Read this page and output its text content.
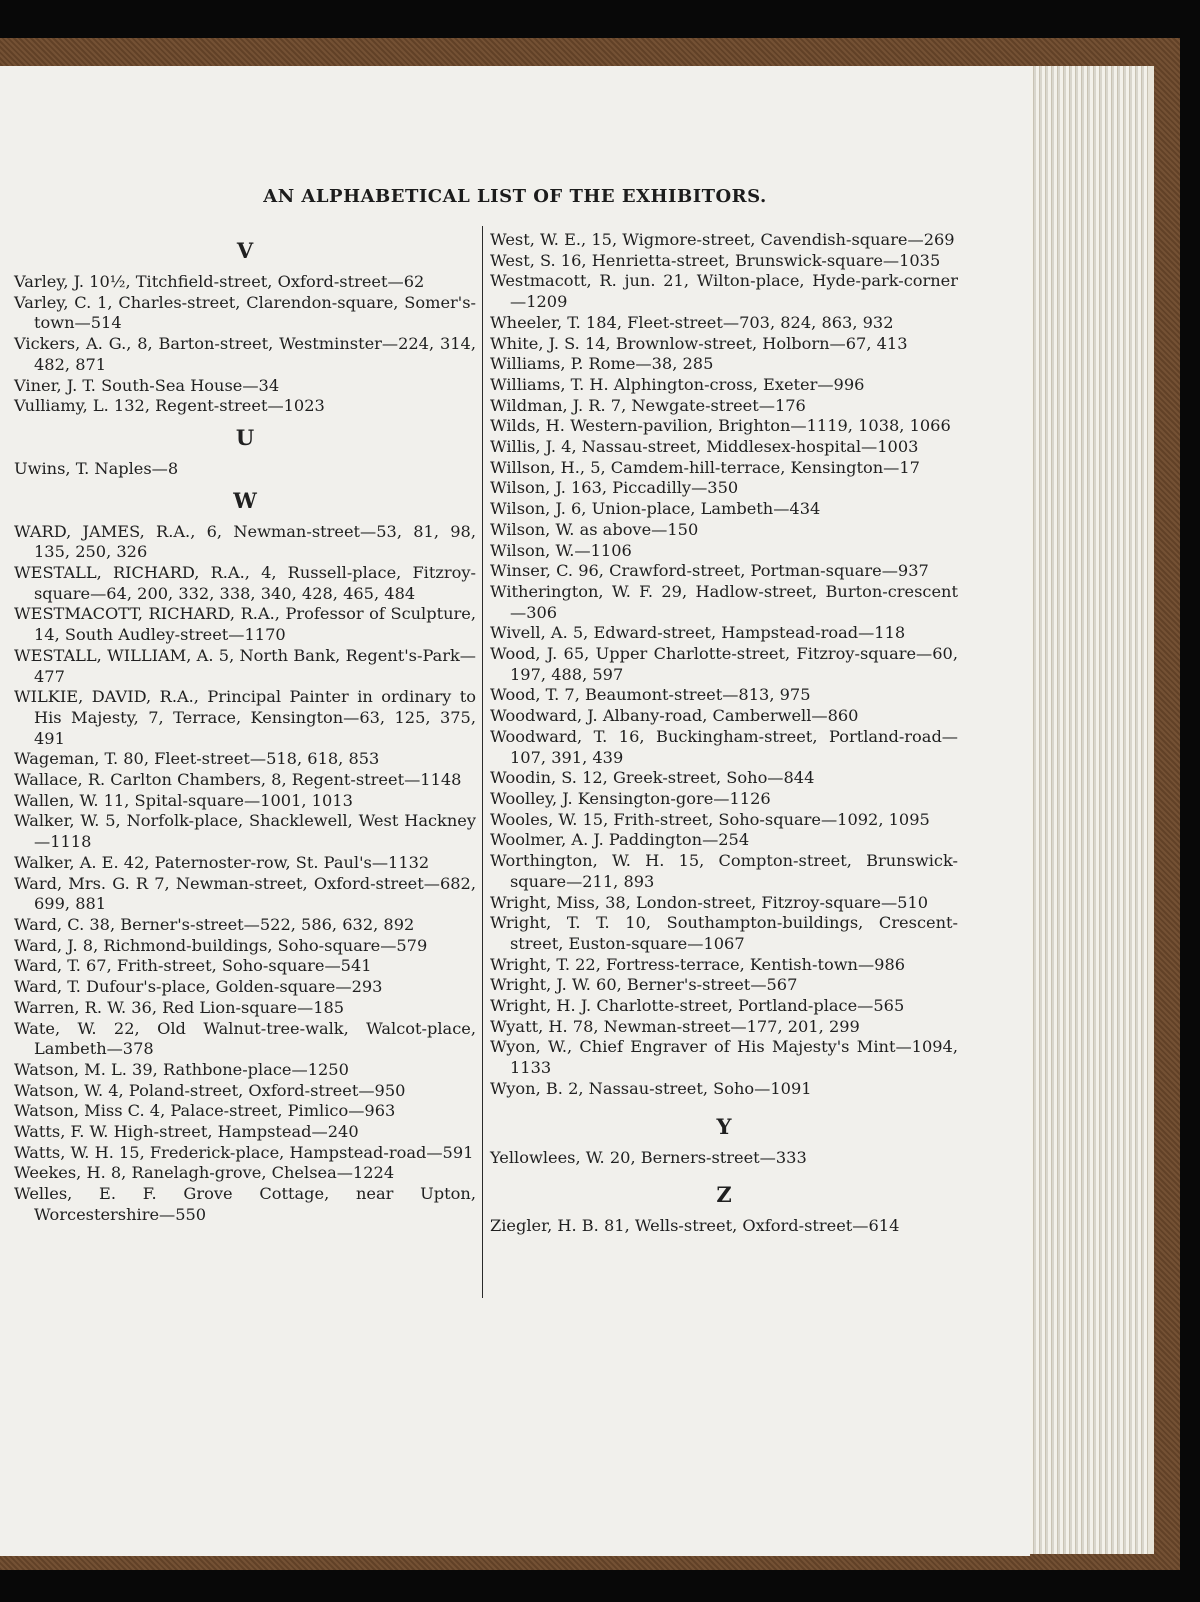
AN ALPHABETICAL LIST OF THE EXHIBITORS.
V
Varley, J. 10½, Titchfield-street, Oxford-street—62
Varley, C. 1, Charles-street, Clarendon-square, Somer's-town—514
Vickers, A. G., 8, Barton-street, Westminster—224, 314, 482, 871
Viner, J. T. South-Sea House—34
Vulliamy, L. 132, Regent-street—1023
U
Uwins, T. Naples—8
W
WARD, JAMES, R.A., 6, Newman-street—53, 81, 98, 135, 250, 326
WESTALL, RICHARD, R.A., 4, Russell-place, Fitzroy-square—64, 200, 332, 338, 340, 428, 465, 484
WESTMACOTT, RICHARD, R.A., Professor of Sculpture, 14, South Audley-street—1170
WESTALL, WILLIAM, A. 5, North Bank, Regent's-Park—477
WILKIE, DAVID, R.A., Principal Painter in ordinary to His Majesty, 7, Terrace, Kensington—63, 125, 375, 491
Wageman, T. 80, Fleet-street—518, 618, 853
Wallace, R. Carlton Chambers, 8, Regent-street—1148
Wallen, W. 11, Spital-square—1001, 1013
Walker, W. 5, Norfolk-place, Shacklewell, West Hackney—1118
Walker, A. E. 42, Paternoster-row, St. Paul's—1132
Ward, Mrs. G. R 7, Newman-street, Oxford-street—682, 699, 881
Ward, C. 38, Berner's-street—522, 586, 632, 892
Ward, J. 8, Richmond-buildings, Soho-square—579
Ward, T. 67, Frith-street, Soho-square—541
Ward, T. Dufour's-place, Golden-square—293
Warren, R. W. 36, Red Lion-square—185
Wate, W. 22, Old Walnut-tree-walk, Walcot-place, Lambeth—378
Watson, M. L. 39, Rathbone-place—1250
Watson, W. 4, Poland-street, Oxford-street—950
Watson, Miss C. 4, Palace-street, Pimlico—963
Watts, F. W. High-street, Hampstead—240
Watts, W. H. 15, Frederick-place, Hampstead-road—591
Weekes, H. 8, Ranelagh-grove, Chelsea—1224
Welles, E. F. Grove Cottage, near Upton, Worcestershire—550
West, W. E., 15, Wigmore-street, Cavendish-square—269
West, S. 16, Henrietta-street, Brunswick-square—1035
Westmacott, R. jun. 21, Wilton-place, Hyde-park-corner—1209
Wheeler, T. 184, Fleet-street—703, 824, 863, 932
White, J. S. 14, Brownlow-street, Holborn—67, 413
Williams, P. Rome—38, 285
Williams, T. H. Alphington-cross, Exeter—996
Wildman, J. R. 7, Newgate-street—176
Wilds, H. Western-pavilion, Brighton—1119, 1038, 1066
Willis, J. 4, Nassau-street, Middlesex-hospital—1003
Willson, H., 5, Camdem-hill-terrace, Kensington—17
Wilson, J. 163, Piccadilly—350
Wilson, J. 6, Union-place, Lambeth—434
Wilson, W. as above—150
Wilson, W.—1106
Winser, C. 96, Crawford-street, Portman-square—937
Witherington, W. F. 29, Hadlow-street, Burton-crescent—306
Wivell, A. 5, Edward-street, Hampstead-road—118
Wood, J. 65, Upper Charlotte-street, Fitzroy-square—60, 197, 488, 597
Wood, T. 7, Beaumont-street—813, 975
Woodward, J. Albany-road, Camberwell—860
Woodward, T. 16, Buckingham-street, Portland-road—107, 391, 439
Woodin, S. 12, Greek-street, Soho—844
Woolley, J. Kensington-gore—1126
Wooles, W. 15, Frith-street, Soho-square—1092, 1095
Woolmer, A. J. Paddington—254
Worthington, W. H. 15, Compton-street, Brunswick-square—211, 893
Wright, Miss, 38, London-street, Fitzroy-square—510
Wright, T. T. 10, Southampton-buildings, Crescent-street, Euston-square—1067
Wright, T. 22, Fortress-terrace, Kentish-town—986
Wright, J. W. 60, Berner's-street—567
Wright, H. J. Charlotte-street, Portland-place—565
Wyatt, H. 78, Newman-street—177, 201, 299
Wyon, W., Chief Engraver of His Majesty's Mint—1094, 1133
Wyon, B. 2, Nassau-street, Soho—1091
Y
Yellowlees, W. 20, Berners-street—333
Z
Ziegler, H. B. 81, Wells-street, Oxford-street—614
